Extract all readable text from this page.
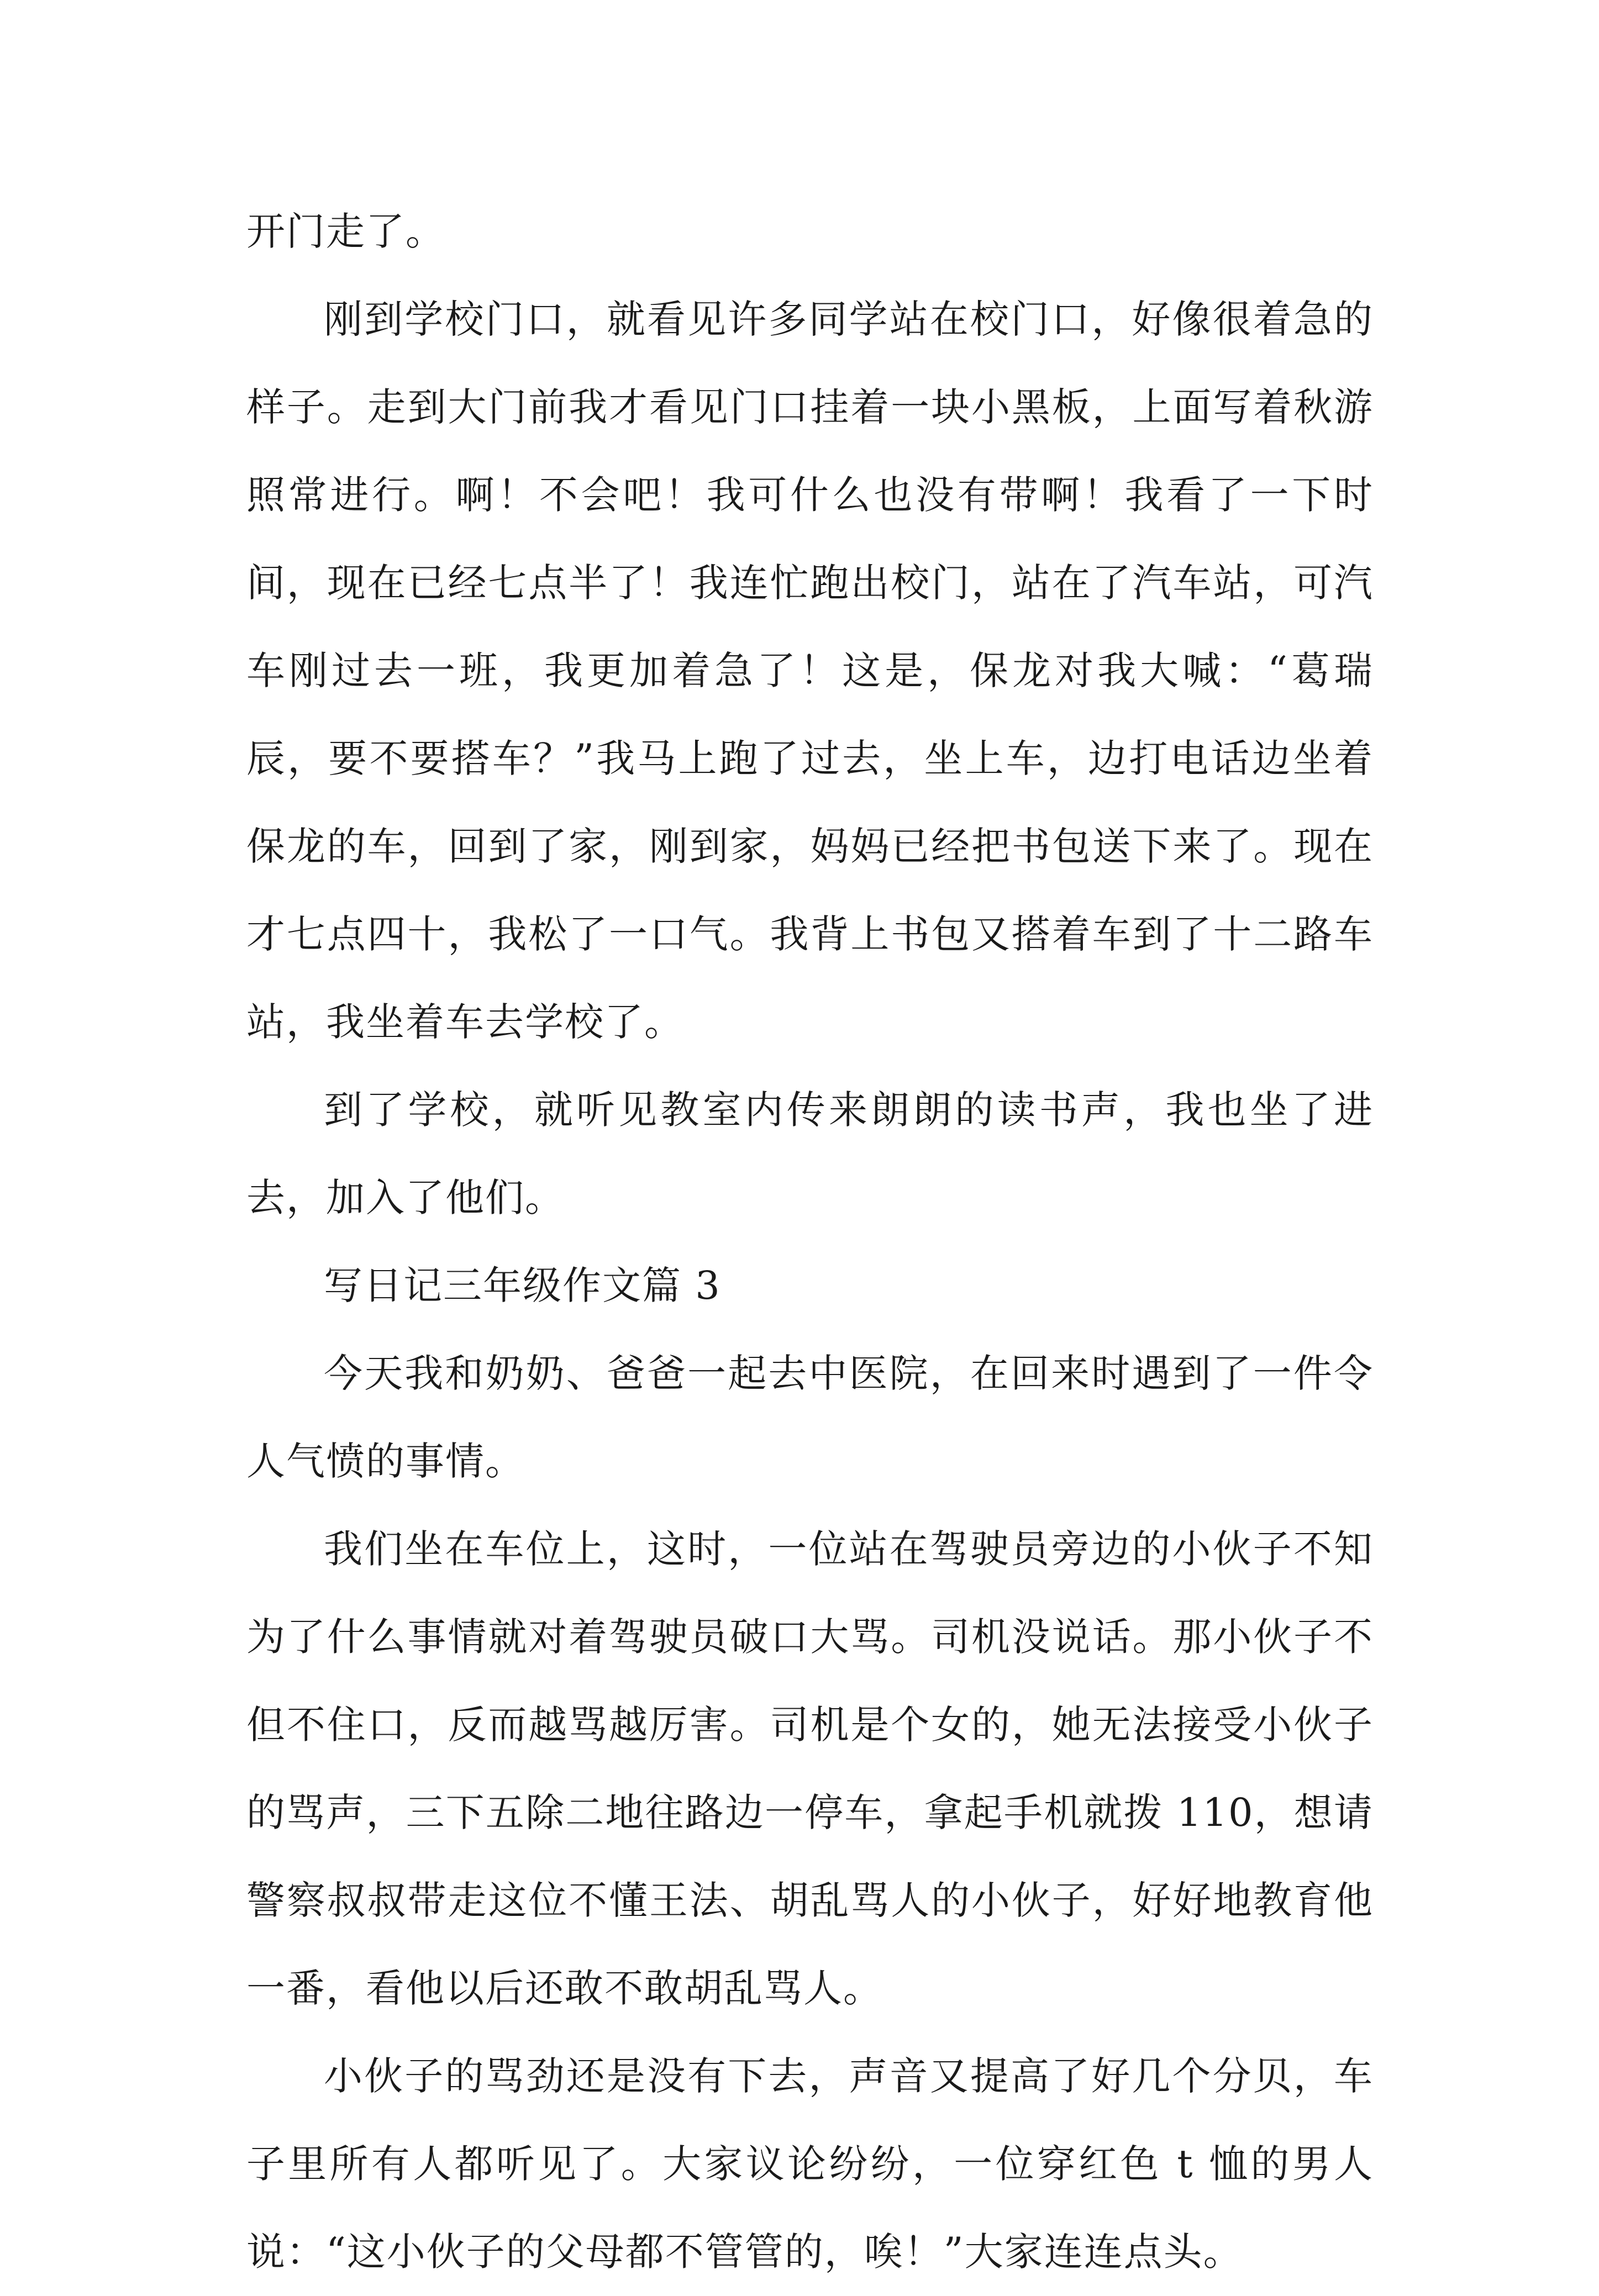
开门走了。

刚到学校门口，就看见许多同学站在校门口，好像很着急的样子。走到大门前我才看见门口挂着一块小黑板，上面写着秋游照常进行。啊！不会吧！我可什么也没有带啊！我看了一下时间，现在已经七点半了！我连忙跑出校门，站在了汽车站，可汽车刚过去一班，我更加着急了！这是，保龙对我大喊：“葛瑞辰，要不要搭车？”我马上跑了过去，坐上车，边打电话边坐着保龙的车，回到了家，刚到家，妈妈已经把书包送下来了。现在才七点四十，我松了一口气。我背上书包又搭着车到了十二路车站，我坐着车去学校了。

到了学校，就听见教室内传来朗朗的读书声，我也坐了进去，加入了他们。

写日记三年级作文篇 3

今天我和奶奶、爸爸一起去中医院，在回来时遇到了一件令人气愤的事情。

我们坐在车位上，这时，一位站在驾驶员旁边的小伙子不知为了什么事情就对着驾驶员破口大骂。司机没说话。那小伙子不但不住口，反而越骂越厉害。司机是个女的，她无法接受小伙子的骂声，三下五除二地往路边一停车，拿起手机就拨 110，想请警察叔叔带走这位不懂王法、胡乱骂人的小伙子，好好地教育他一番，看他以后还敢不敢胡乱骂人。

小伙子的骂劲还是没有下去，声音又提高了好几个分贝，车子里所有人都听见了。大家议论纷纷，一位穿红色 t 恤的男人说：“这小伙子的父母都不管管的，唉！”大家连连点头。
